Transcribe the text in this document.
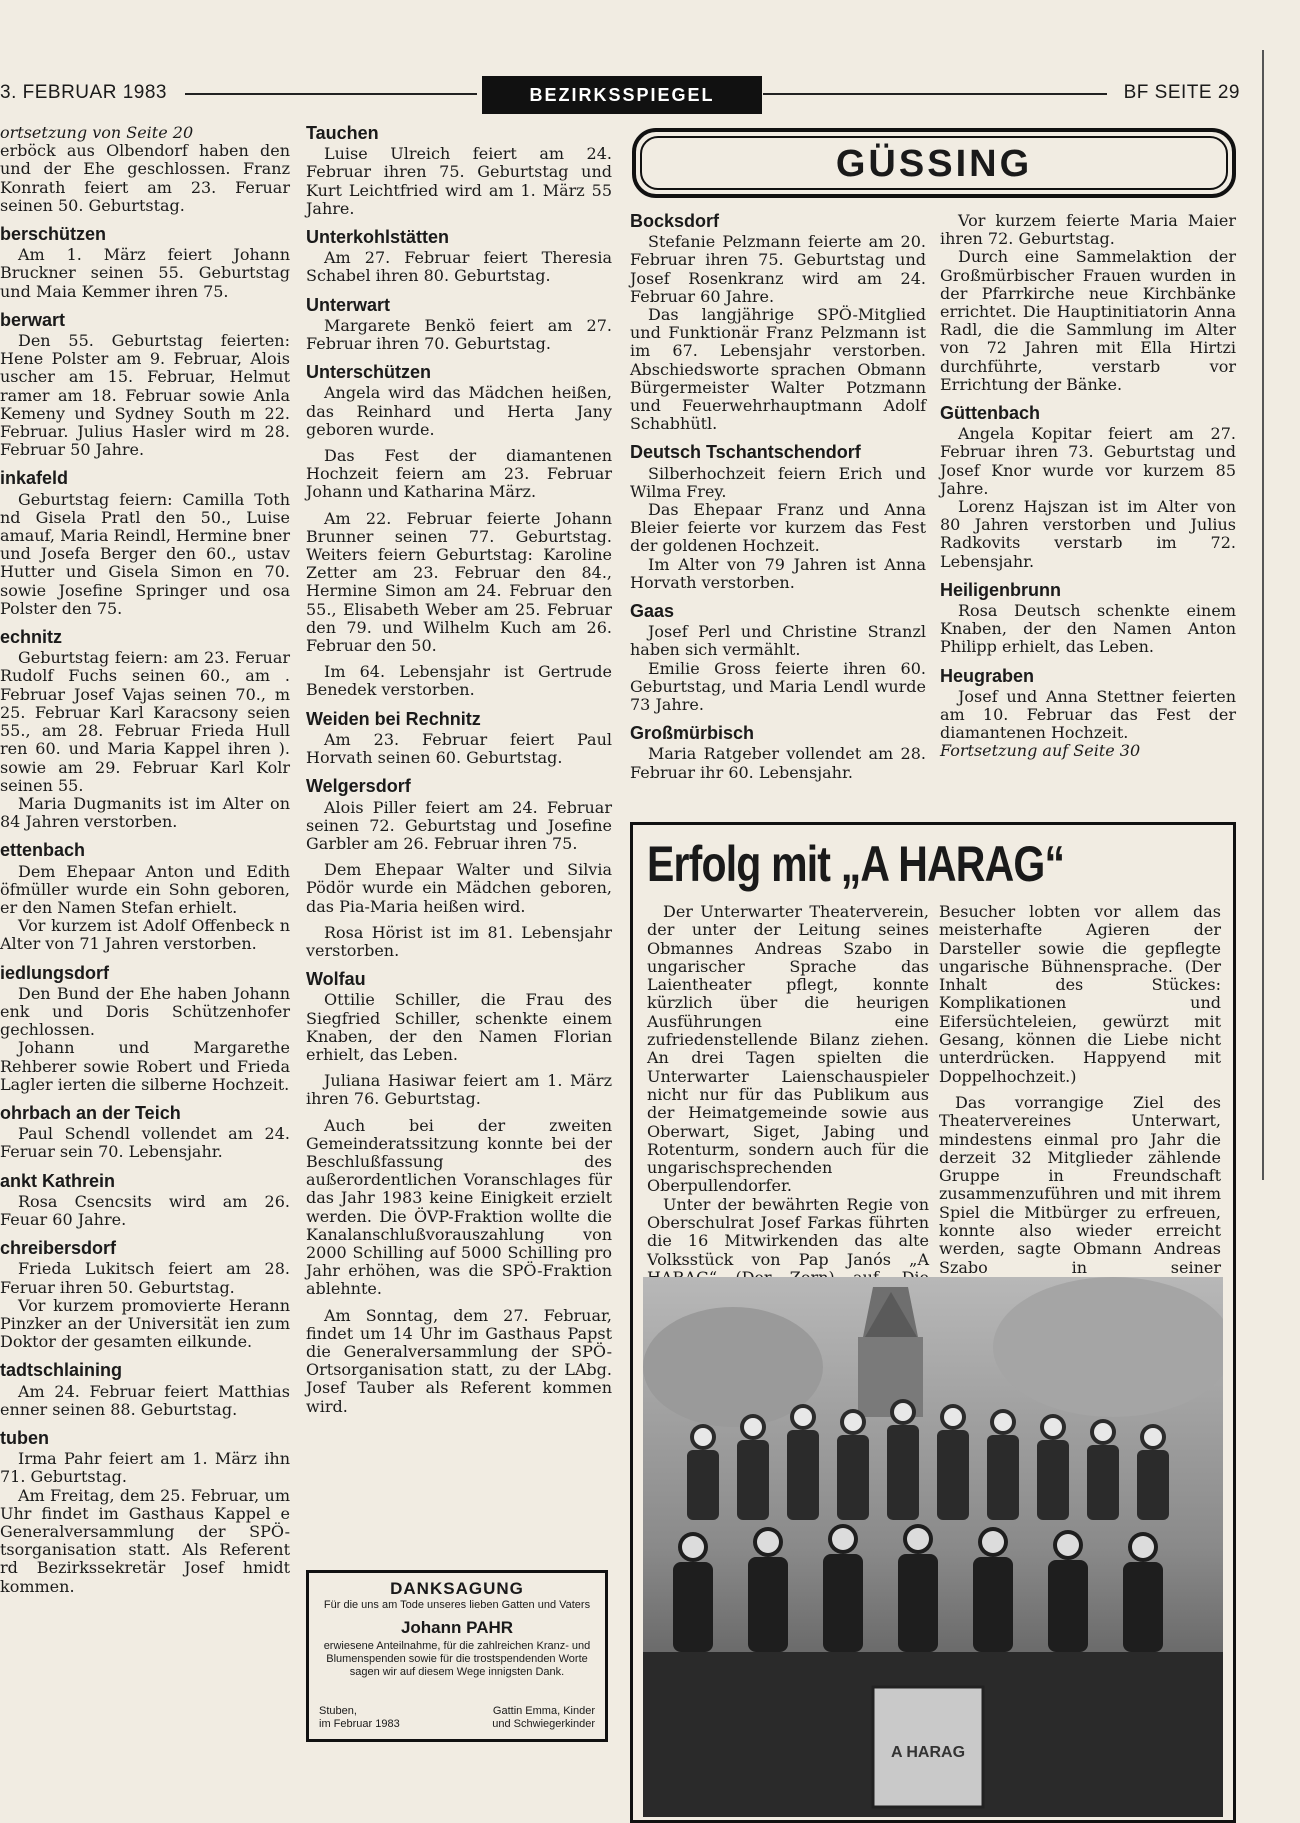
3. FEBRUAR 1983	BEZIRKSSPIEGEL	BF SEITE 29

ortsetzung von Seite 20

erböck aus Olbendorf haben den und der Ehe geschlossen. Franz Konrath feiert am 23. Feruar seinen 50. Geburtstag.

berschützen

Am 1. März feiert Johann Bruckner seinen 55. Geburtstag und Maia Kemmer ihren 75.

berwart

Den 55. Geburtstag feierten: Hene Polster am 9. Februar, Alois uscher am 15. Februar, Helmut ramer am 18. Februar sowie Anla Kemeny und Sydney South m 22. Februar. Julius Hasler wird m 28. Februar 50 Jahre.

inkafeld

Geburtstag feiern: Camilla Toth nd Gisela Pratl den 50., Luise amauf, Maria Reindl, Hermine bner und Josefa Berger den 60., ustav Hutter und Gisela Simon en 70. sowie Josefine Springer und osa Polster den 75.

echnitz

Geburtstag feiern: am 23. Feruar Rudolf Fuchs seinen 60., am . Februar Josef Vajas seinen 70., m 25. Februar Karl Karacsony seien 55., am 28. Februar Frieda Hull ren 60. und Maria Kappel ihren ). sowie am 29. Februar Karl Kolr seinen 55.

Maria Dugmanits ist im Alter on 84 Jahren verstorben.

ettenbach

Dem Ehepaar Anton und Edith öfmüller wurde ein Sohn geboren, er den Namen Stefan erhielt.

Vor kurzem ist Adolf Offenbeck n Alter von 71 Jahren verstorben.

iedlungsdorf

Den Bund der Ehe haben Johann enk und Doris Schützenhofer gechlossen.

Johann und Margarethe Rehberer sowie Robert und Frieda Lagler ierten die silberne Hochzeit.

ohrbach an der Teich

Paul Schendl vollendet am 24. Feruar sein 70. Lebensjahr.

ankt Kathrein

Rosa Csencsits wird am 26. Feuar 60 Jahre.

chreibersdorf

Frieda Lukitsch feiert am 28. Feruar ihren 50. Geburtstag.

Vor kurzem promovierte Herann Pinzker an der Universität ien zum Doktor der gesamten eilkunde.

tadtschlaining

Am 24. Februar feiert Matthias enner seinen 88. Geburtstag.

tuben

Irma Pahr feiert am 1. März ihn 71. Geburtstag.

Am Freitag, dem 25. Februar, um Uhr findet im Gasthaus Kappel e Generalversammlung der SPÖ-tsorganisation statt. Als Referent rd Bezirkssekretär Josef hmidt kommen.

Tauchen

Luise Ulreich feiert am 24. Februar ihren 75. Geburtstag und Kurt Leichtfried wird am 1. März 55 Jahre.

Unterkohlstätten

Am 27. Februar feiert Theresia Schabel ihren 80. Geburtstag.

Unterwart

Margarete Benkö feiert am 27. Februar ihren 70. Geburtstag.

Unterschützen

Angela wird das Mädchen heißen, das Reinhard und Herta Jany geboren wurde.

Das Fest der diamantenen Hochzeit feiern am 23. Februar Johann und Katharina März.

Am 22. Februar feierte Johann Brunner seinen 77. Geburtstag. Weiters feiern Geburtstag: Karoline Zetter am 23. Februar den 84., Hermine Simon am 24. Februar den 55., Elisabeth Weber am 25. Februar den 79. und Wilhelm Kuch am 26. Februar den 50.

Im 64. Lebensjahr ist Gertrude Benedek verstorben.

Weiden bei Rechnitz

Am 23. Februar feiert Paul Horvath seinen 60. Geburtstag.

Welgersdorf

Alois Piller feiert am 24. Februar seinen 72. Geburtstag und Josefine Garbler am 26. Februar ihren 75.

Dem Ehepaar Walter und Silvia Pödör wurde ein Mädchen geboren, das Pia-Maria heißen wird.

Rosa Hörist ist im 81. Lebensjahr verstorben.

Wolfau

Ottilie Schiller, die Frau des Siegfried Schiller, schenkte einem Knaben, der den Namen Florian erhielt, das Leben.

Juliana Hasiwar feiert am 1. März ihren 76. Geburtstag.

Auch bei der zweiten Gemeinderatssitzung konnte bei der Beschlußfassung des außerordentlichen Voranschlages für das Jahr 1983 keine Einigkeit erzielt werden. Die ÖVP-Fraktion wollte die Kanalanschlußvorauszahlung von 2000 Schilling auf 5000 Schilling pro Jahr erhöhen, was die SPÖ-Fraktion ablehnte.

Am Sonntag, dem 27. Februar, findet um 14 Uhr im Gasthaus Papst die Generalversammlung der SPÖ-Ortsorganisation statt, zu der LAbg. Josef Tauber als Referent kommen wird.

DANKSAGUNG
Für die uns am Tode unseres lieben Gatten und Vaters
Johann PAHR
erwiesene Anteilnahme, für die zahlreichen Kranz- und Blumenspenden sowie für die trostspendenden Worte sagen wir auf diesem Wege innigsten Dank.
Stuben,
im Februar 1983
Gattin Emma, Kinder
und Schwiegerkinder
GÜSSING
Bocksdorf

Stefanie Pelzmann feierte am 20. Februar ihren 75. Geburtstag und Josef Rosenkranz wird am 24. Februar 60 Jahre.

Das langjährige SPÖ-Mitglied und Funktionär Franz Pelzmann ist im 67. Lebensjahr verstorben. Abschiedsworte sprachen Obmann Bürgermeister Walter Potzmann und Feuerwehrhauptmann Adolf Schabhütl.

Deutsch Tschantschendorf

Silberhochzeit feiern Erich und Wilma Frey.

Das Ehepaar Franz und Anna Bleier feierte vor kurzem das Fest der goldenen Hochzeit.

Im Alter von 79 Jahren ist Anna Horvath verstorben.

Gaas

Josef Perl und Christine Stranzl haben sich vermählt.

Emilie Gross feierte ihren 60. Geburtstag, und Maria Lendl wurde 73 Jahre.

Großmürbisch

Maria Ratgeber vollendet am 28. Februar ihr 60. Lebensjahr.

Vor kurzem feierte Maria Maier ihren 72. Geburtstag.

Durch eine Sammelaktion der Großmürbischer Frauen wurden in der Pfarrkirche neue Kirchbänke errichtet. Die Hauptinitiatorin Anna Radl, die die Sammlung im Alter von 72 Jahren mit Ella Hirtzi durchführte, verstarb vor Errichtung der Bänke.

Güttenbach

Angela Kopitar feiert am 27. Februar ihren 73. Geburtstag und Josef Knor wurde vor kurzem 85 Jahre.

Lorenz Hajszan ist im Alter von 80 Jahren verstorben und Julius Radkovits verstarb im 72. Lebensjahr.

Heiligenbrunn

Rosa Deutsch schenkte einem Knaben, der den Namen Anton Philipp erhielt, das Leben.

Heugraben

Josef und Anna Stettner feierten am 10. Februar das Fest der diamantenen Hochzeit.

Fortsetzung auf Seite 30

Erfolg mit „A HARAG“

Der Unterwarter Theaterverein, der unter der Leitung seines Obmannes Andreas Szabo in ungarischer Sprache das Laientheater pflegt, konnte kürzlich über die heurigen Ausführungen eine zufriedenstellende Bilanz ziehen. An drei Tagen spielten die Unterwarter Laienschauspieler nicht nur für das Publikum aus der Heimatgemeinde sowie aus Oberwart, Siget, Jabing und Rotenturm, sondern auch für die ungarischsprechenden Oberpullendorfer.

Unter der bewährten Regie von Oberschulrat Josef Farkas führten die 16 Mitwirkenden das alte Volksstück von Pap Janós „A

Besucher lobten vor allem das meisterhafte Agieren der Darsteller sowie die gepflegte ungarische Bühnensprache. (Der Inhalt des Stückes: Komplikationen und Eifersüchteleien, gewürzt mit Gesang, können die Liebe nicht unterdrücken. Happyend mit Doppelhochzeit.)

Das vorrangige Ziel des Theatervereines Unterwart, mindestens einmal pro Jahr die derzeit 32 Mitglieder zählende Gruppe in Freundschaft zusammenzuführen und mit ihrem Spiel die Mitbürger zu erfreuen, konnte also wieder erreicht werden, sagte Obmann Andreas Szabo in seiner

A HARAG
